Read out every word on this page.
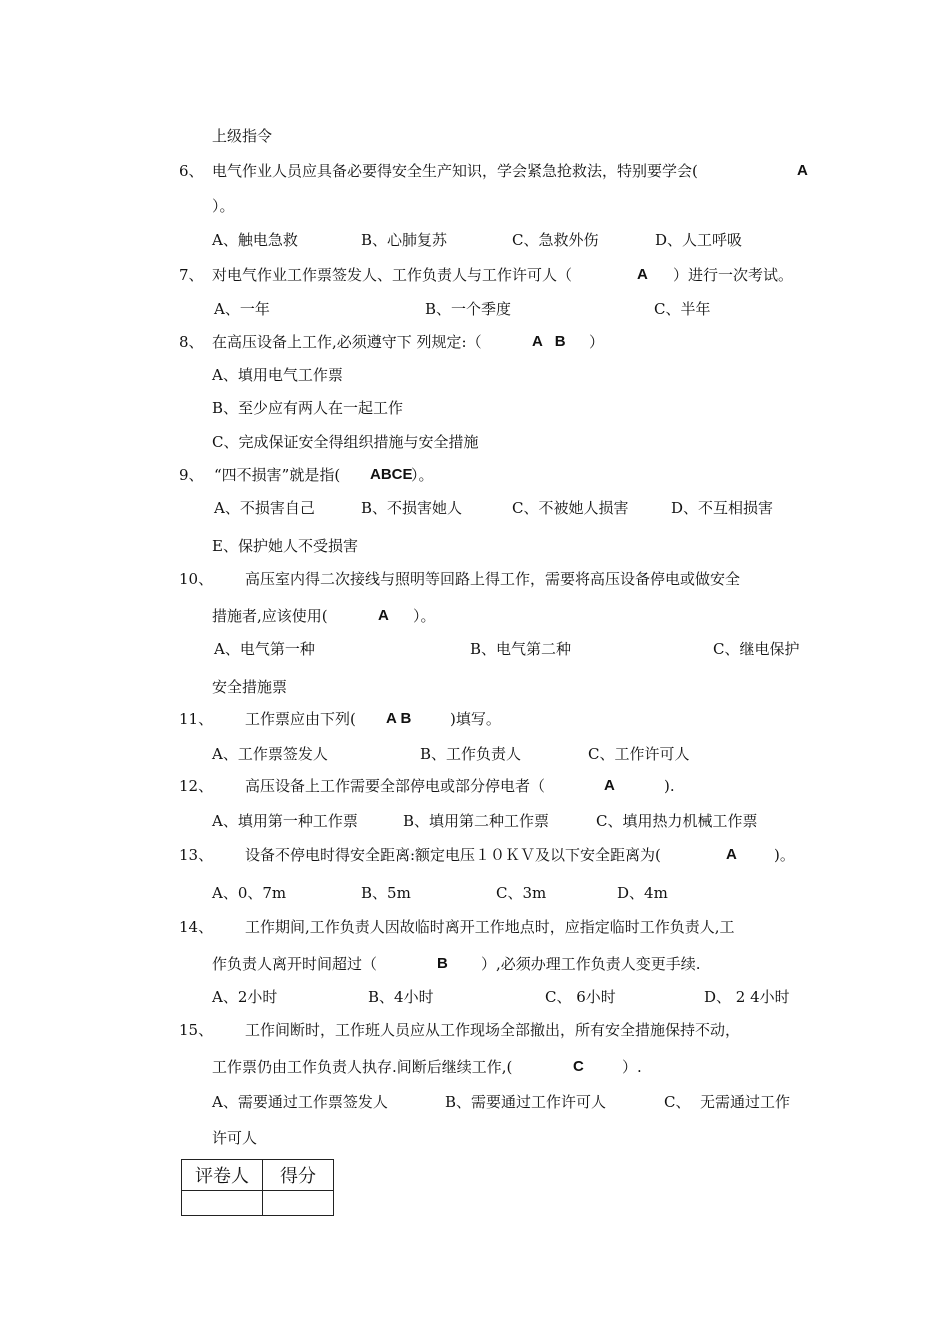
上级指令
6、 电气作业人员应具备必要得安全生产知识，学会紧急抢救法，特别要学会(	A
）。
A、触电急救	B、心肺复苏	C、急救外伤	D、人工呼吸
7、 对电气作业工作票签发人、工作负责人与工作许可人（	A ）进行一次考试。
A、一年	B、一个季度	C、半年
8、 在高压设备上工作,必须遵守下 列规定:（	A   B ）
A、填用电气工作票
B、至少应有两人在一起工作
C、完成保证安全得组织措施与安全措施
9、 “四不损害”就是指( ABCE
）。
A、不损害自己	B、不损害她人	C、不被她人损害	D、不互相损害
E、保护她人不受损害
10、 高压室内得二次接线与照明等回路上得工作，需要将高压设备停电或做安全
措施者,应该使用(	A ）。
A、电气第一种	B、电气第二种	C、继电保护
安全措施票
11、 工作票应由下列( A B	)填写。
A、工作票签发人	B、工作负责人	C、工作许可人
12、 高压设备上工作需要全部停电或部分停电者（	A	).
A、填用第一种工作票	B、填用第二种工作票	C、填用热力机械工作票
13、 设备不停电时得安全距离:额定电压１０ＫＶ及以下安全距离为(	A )。
A、0、7m	B、5m	C、3m	D、4m
14、 工作期间,工作负责人因故临时离开工作地点时，应指定临时工作负责人,工
作负责人离开时间超过（	B ）,必须办理工作负责人变更手续.
A、2小时	B、4小时	C、 6小时	D、 2 4小时
15、 工作间断时，工作班人员应从工作现场全部撤出，所有安全措施保持不动，
工作票仍由工作负责人执存.间断后继续工作,(	C	）.
A、需要通过工作票签发人	B、需要通过工作许可人	C、  无需通过工作
许可人
评卷人	得分
